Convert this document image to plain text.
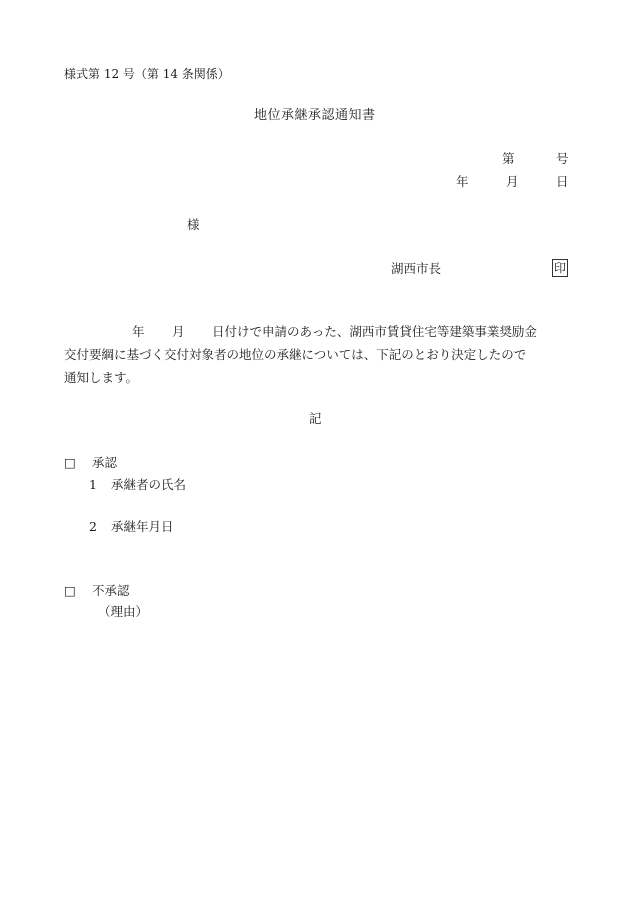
様式第 12 号（第 14 条関係）
地位承継承認通知書
第	号
年	月	日
様
湖西市長	印
年 月 日付けで申請のあった、湖西市賃貸住宅等建築事業奨励金
交付要綱に基づく交付対象者の地位の承継については、下記のとおり決定したので
通知します。
記
□ 承認
1 承継者の氏名
2 承継年月日
□ 不承認
（理由）
